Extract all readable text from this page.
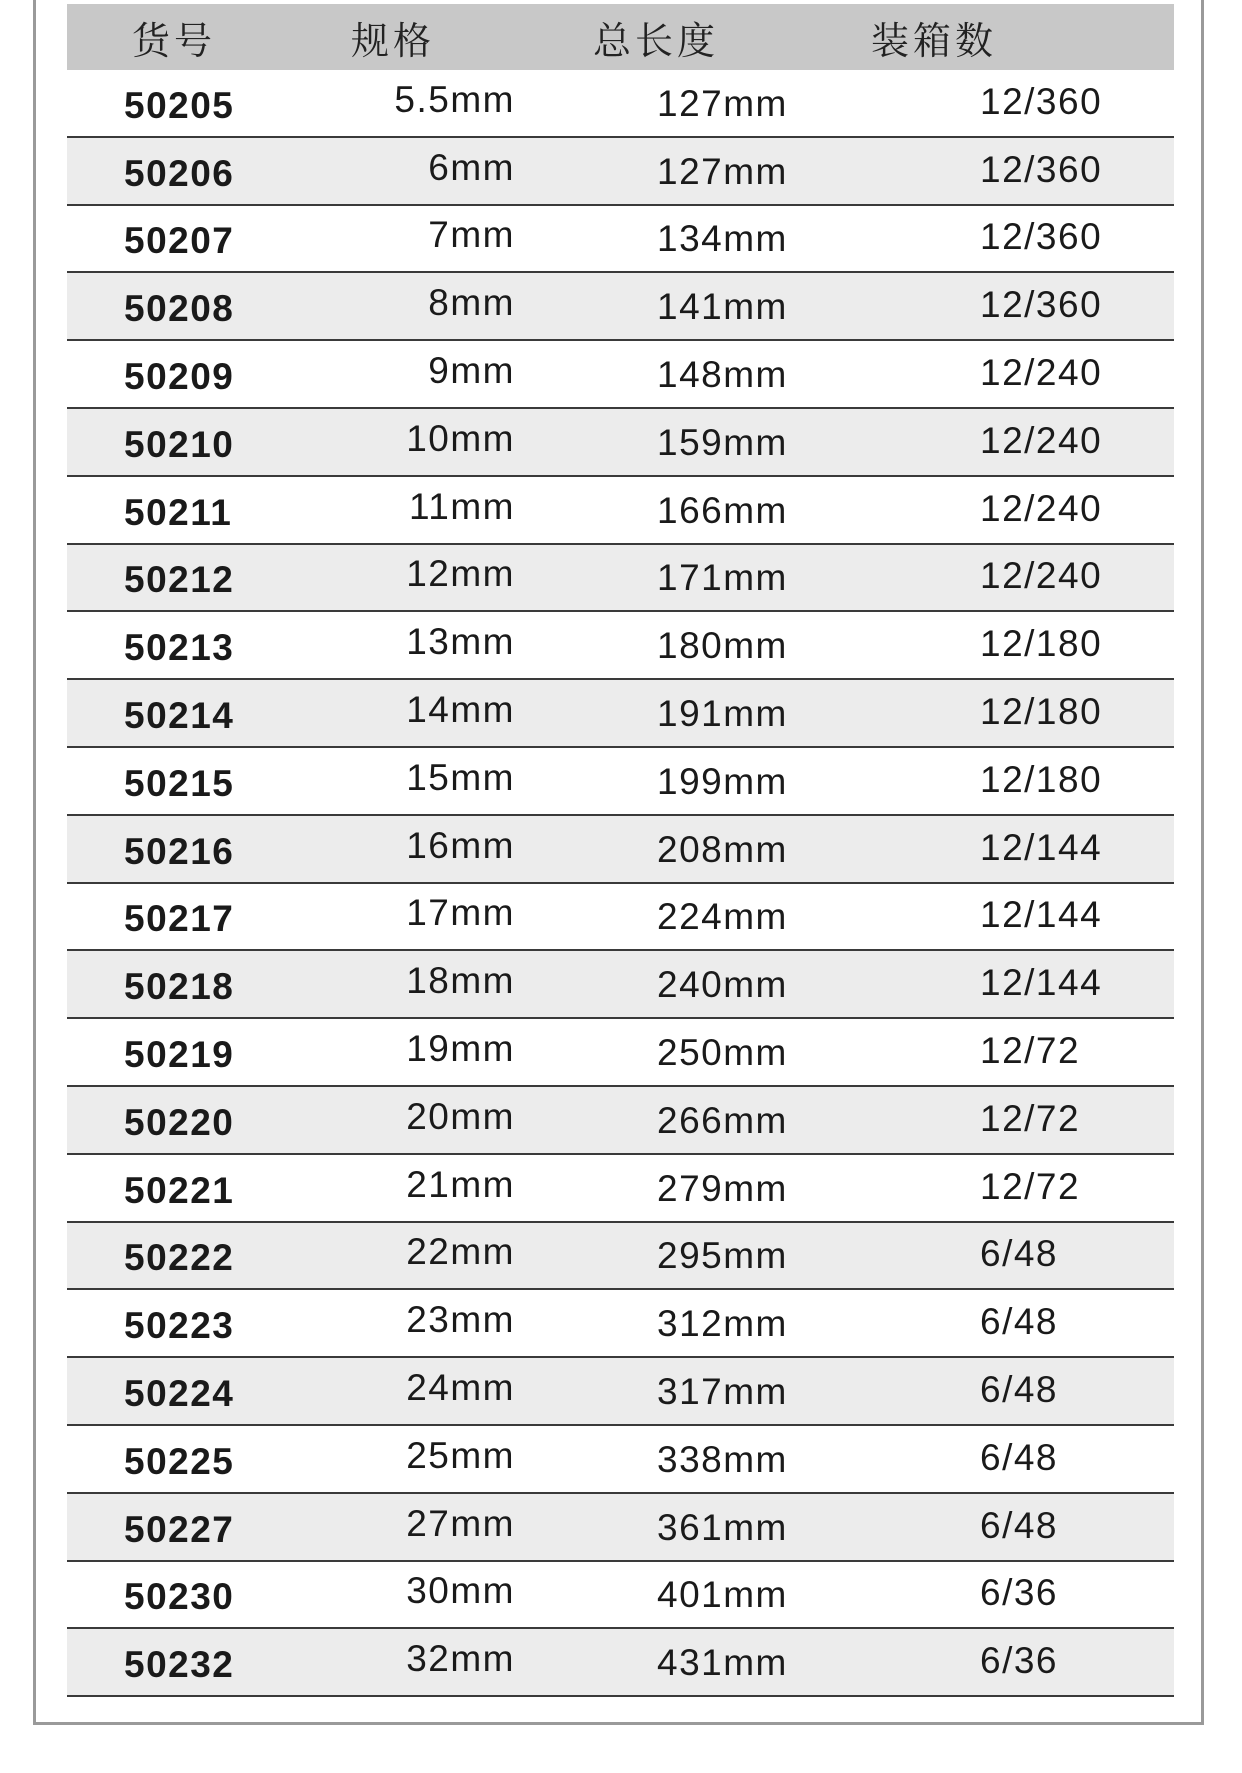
货号	规格	总长度	装箱数
50205	5.5mm	127mm	12/360
50206	6mm	127mm	12/360
50207	7mm	134mm	12/360
50208	8mm	141mm	12/360
50209	9mm	148mm	12/240
50210	10mm	159mm	12/240
50211	11mm	166mm	12/240
50212	12mm	171mm	12/240
50213	13mm	180mm	12/180
50214	14mm	191mm	12/180
50215	15mm	199mm	12/180
50216	16mm	208mm	12/144
50217	17mm	224mm	12/144
50218	18mm	240mm	12/144
50219	19mm	250mm	12/72
50220	20mm	266mm	12/72
50221	21mm	279mm	12/72
50222	22mm	295mm	6/48
50223	23mm	312mm	6/48
50224	24mm	317mm	6/48
50225	25mm	338mm	6/48
50227	27mm	361mm	6/48
50230	30mm	401mm	6/36
50232	32mm	431mm	6/36
